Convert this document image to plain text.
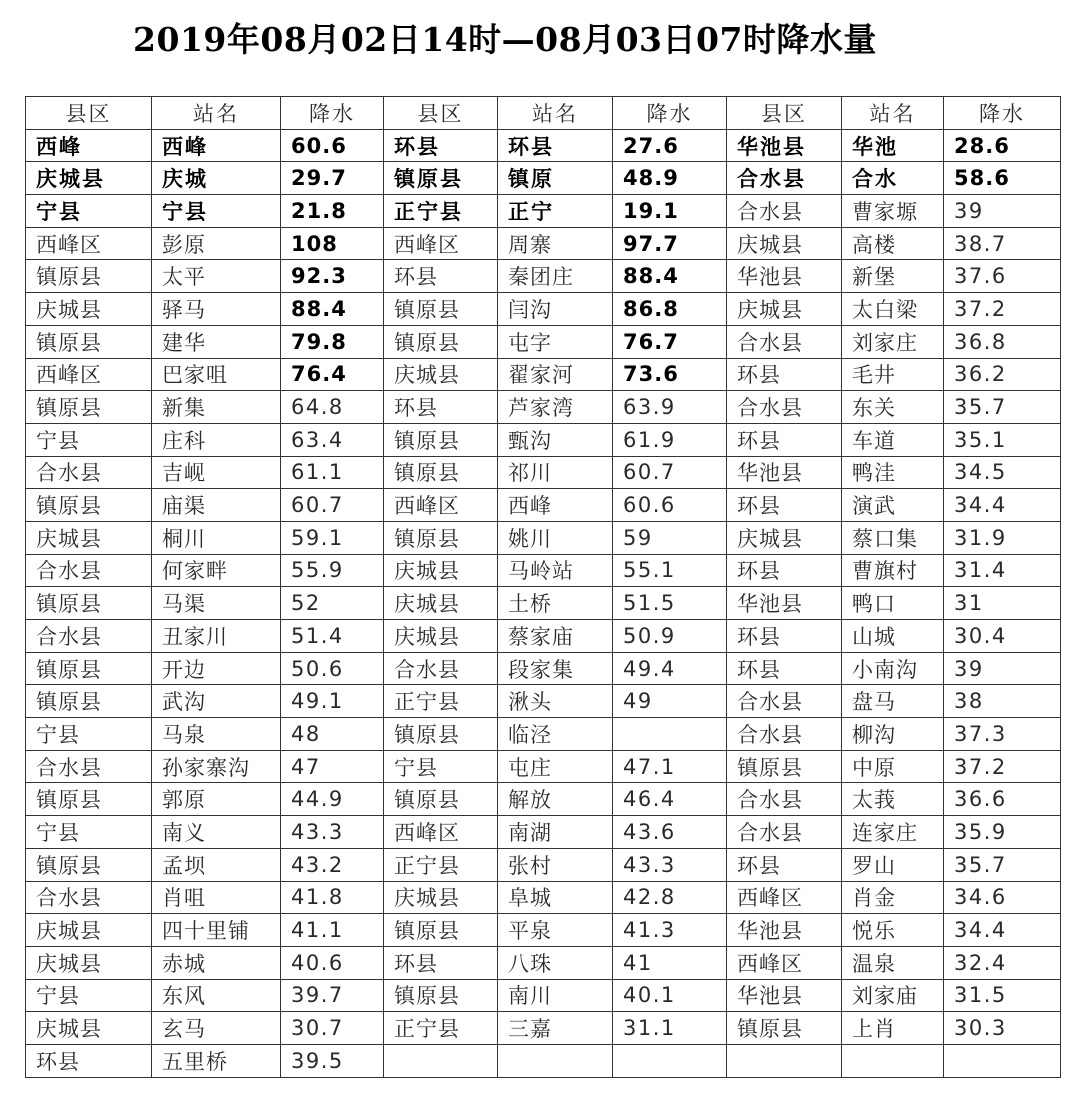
2019年08月02日14时—08月03日07时降水量
县区	站名	降水	县区	站名	降水	县区	站名	降水
西峰	西峰	60.6	环县	环县	27.6	华池县	华池	28.6
庆城县	庆城	29.7	镇原县	镇原	48.9	合水县	合水	58.6
宁县	宁县	21.8	正宁县	正宁	19.1	合水县	曹家塬	39
西峰区	彭原	108	西峰区	周寨	97.7	庆城县	高楼	38.7
镇原县	太平	92.3	环县	秦团庄	88.4	华池县	新堡	37.6
庆城县	驿马	88.4	镇原县	闫沟	86.8	庆城县	太白梁	37.2
镇原县	建华	79.8	镇原县	屯字	76.7	合水县	刘家庄	36.8
西峰区	巴家咀	76.4	庆城县	翟家河	73.6	环县	毛井	36.2
镇原县	新集	64.8	环县	芦家湾	63.9	合水县	东关	35.7
宁县	庄科	63.4	镇原县	甄沟	61.9	环县	车道	35.1
合水县	吉岘	61.1	镇原县	祁川	60.7	华池县	鸭洼	34.5
镇原县	庙渠	60.7	西峰区	西峰	60.6	环县	演武	34.4
庆城县	桐川	59.1	镇原县	姚川	59	庆城县	蔡口集	31.9
合水县	何家畔	55.9	庆城县	马岭站	55.1	环县	曹旗村	31.4
镇原县	马渠	52	庆城县	土桥	51.5	华池县	鸭口	31
合水县	丑家川	51.4	庆城县	蔡家庙	50.9	环县	山城	30.4
镇原县	开边	50.6	合水县	段家集	49.4	环县	小南沟	39
镇原县	武沟	49.1	正宁县	湫头	49	合水县	盘马	38
宁县	马泉	48	镇原县	临泾		合水县	柳沟	37.3
合水县	孙家寨沟	47	宁县	屯庄	47.1	镇原县	中原	37.2
镇原县	郭原	44.9	镇原县	解放	46.4	合水县	太莪	36.6
宁县	南义	43.3	西峰区	南湖	43.6	合水县	连家庄	35.9
镇原县	孟坝	43.2	正宁县	张村	43.3	环县	罗山	35.7
合水县	肖咀	41.8	庆城县	阜城	42.8	西峰区	肖金	34.6
庆城县	四十里铺	41.1	镇原县	平泉	41.3	华池县	悦乐	34.4
庆城县	赤城	40.6	环县	八珠	41	西峰区	温泉	32.4
宁县	东风	39.7	镇原县	南川	40.1	华池县	刘家庙	31.5
庆城县	玄马	30.7	正宁县	三嘉	31.1	镇原县	上肖	30.3
环县	五里桥	39.5						
